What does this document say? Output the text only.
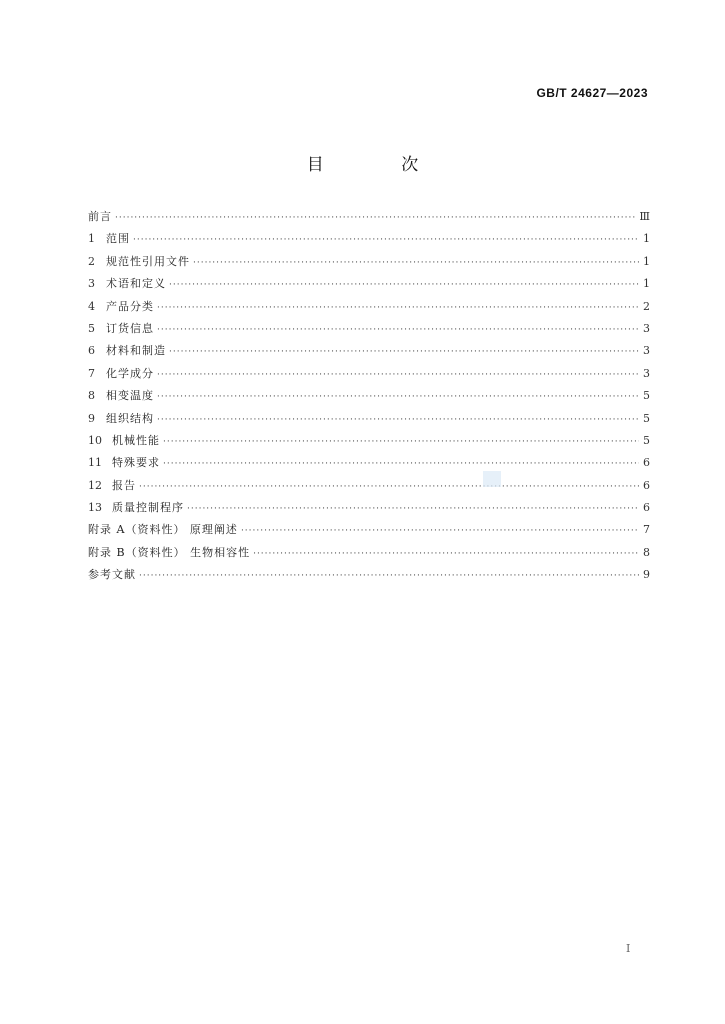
GB/T 24627—2023
目 次
前言 ·····	Ⅲ
1	范围 ·····	1
2	规范性引用文件 ·····	1
3	术语和定义 ·····	1
4	产品分类 ·····	2
5	订货信息 ·····	3
6	材料和制造 ·····	3
7	化学成分 ·····	3
8	相变温度 ·····	5
9	组织结构 ·····	5
10 机械性能 ·····	5
11 特殊要求 ·····	6
12 报告 ·····	6
13 质量控制程序 ·····	6
附录 A（资料性） 原理阐述 ·····	7
附录 B（资料性） 生物相容性 ·····	8
参考文献 ·····	9
I
